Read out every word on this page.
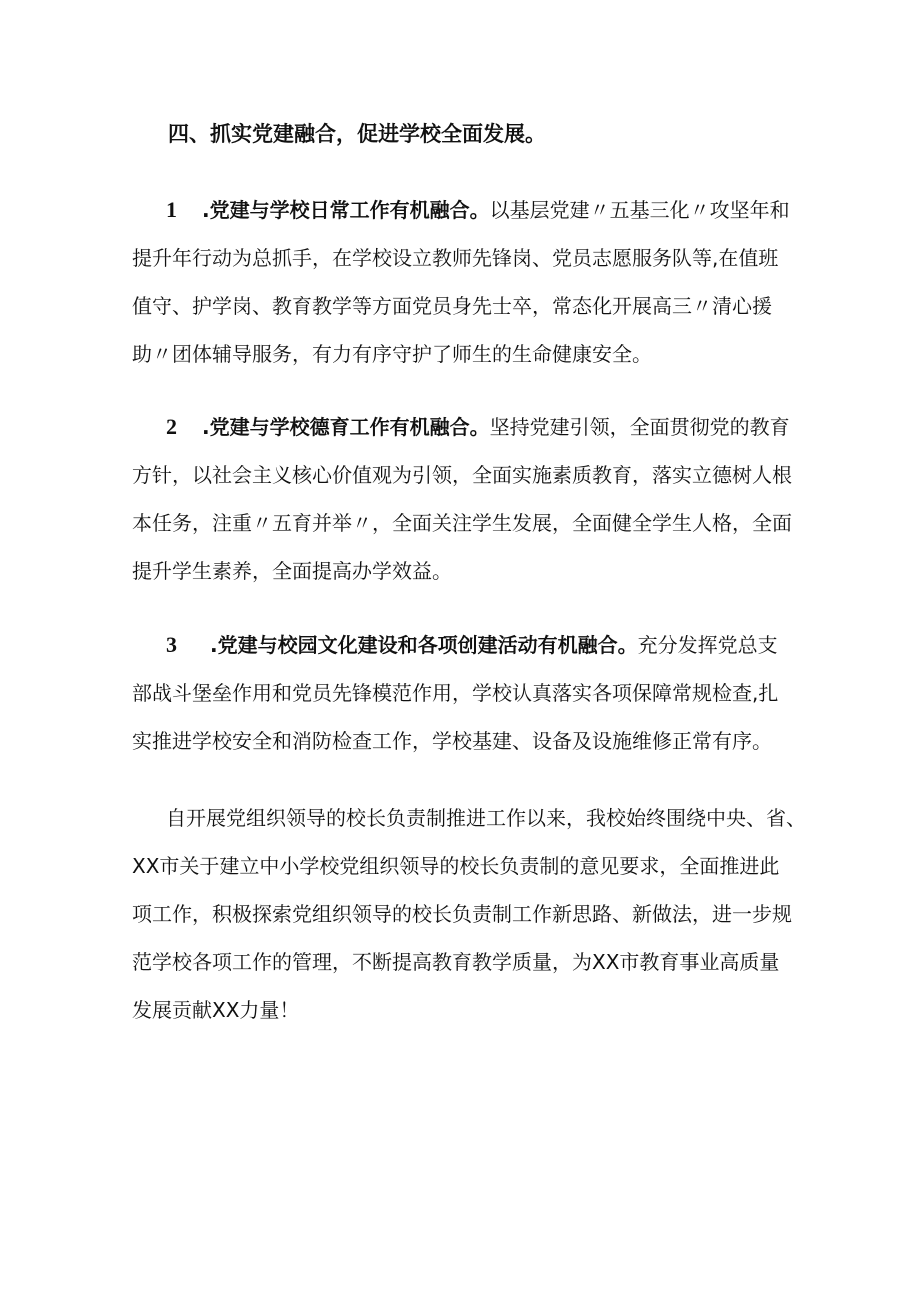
四、抓实党建融合，促进学校全面发展。
1 .党建与学校日常工作有机融合。以基层党建〃五基三化〃攻坚年和
提升年行动为总抓手，在学校设立教师先锋岗、党员志愿服务队等,在值班
值守、护学岗、教育教学等方面党员身先士卒，常态化开展高三〃清心援
助〃团体辅导服务，有力有序守护了师生的生命健康安全。
2 .党建与学校德育工作有机融合。坚持党建引领，全面贯彻党的教育
方针，以社会主义核心价值观为引领，全面实施素质教育，落实立德树人根
本任务，注重〃五育并举〃，全面关注学生发展，全面健全学生人格，全面
提升学生素养，全面提高办学效益。
3 .党建与校园文化建设和各项创建活动有机融合。充分发挥党总支
部战斗堡垒作用和党员先锋模范作用，学校认真落实各项保障常规检查,扎
实推进学校安全和消防检查工作，学校基建、设备及设施维修正常有序。
自开展党组织领导的校长负责制推进工作以来，我校始终围绕中央、省、
XX市关于建立中小学校党组织领导的校长负责制的意见要求，全面推进此
项工作，积极探索党组织领导的校长负责制工作新思路、新做法，进一步规
范学校各项工作的管理，不断提高教育教学质量，为XX市教育事业高质量
发展贡献XX力量！
